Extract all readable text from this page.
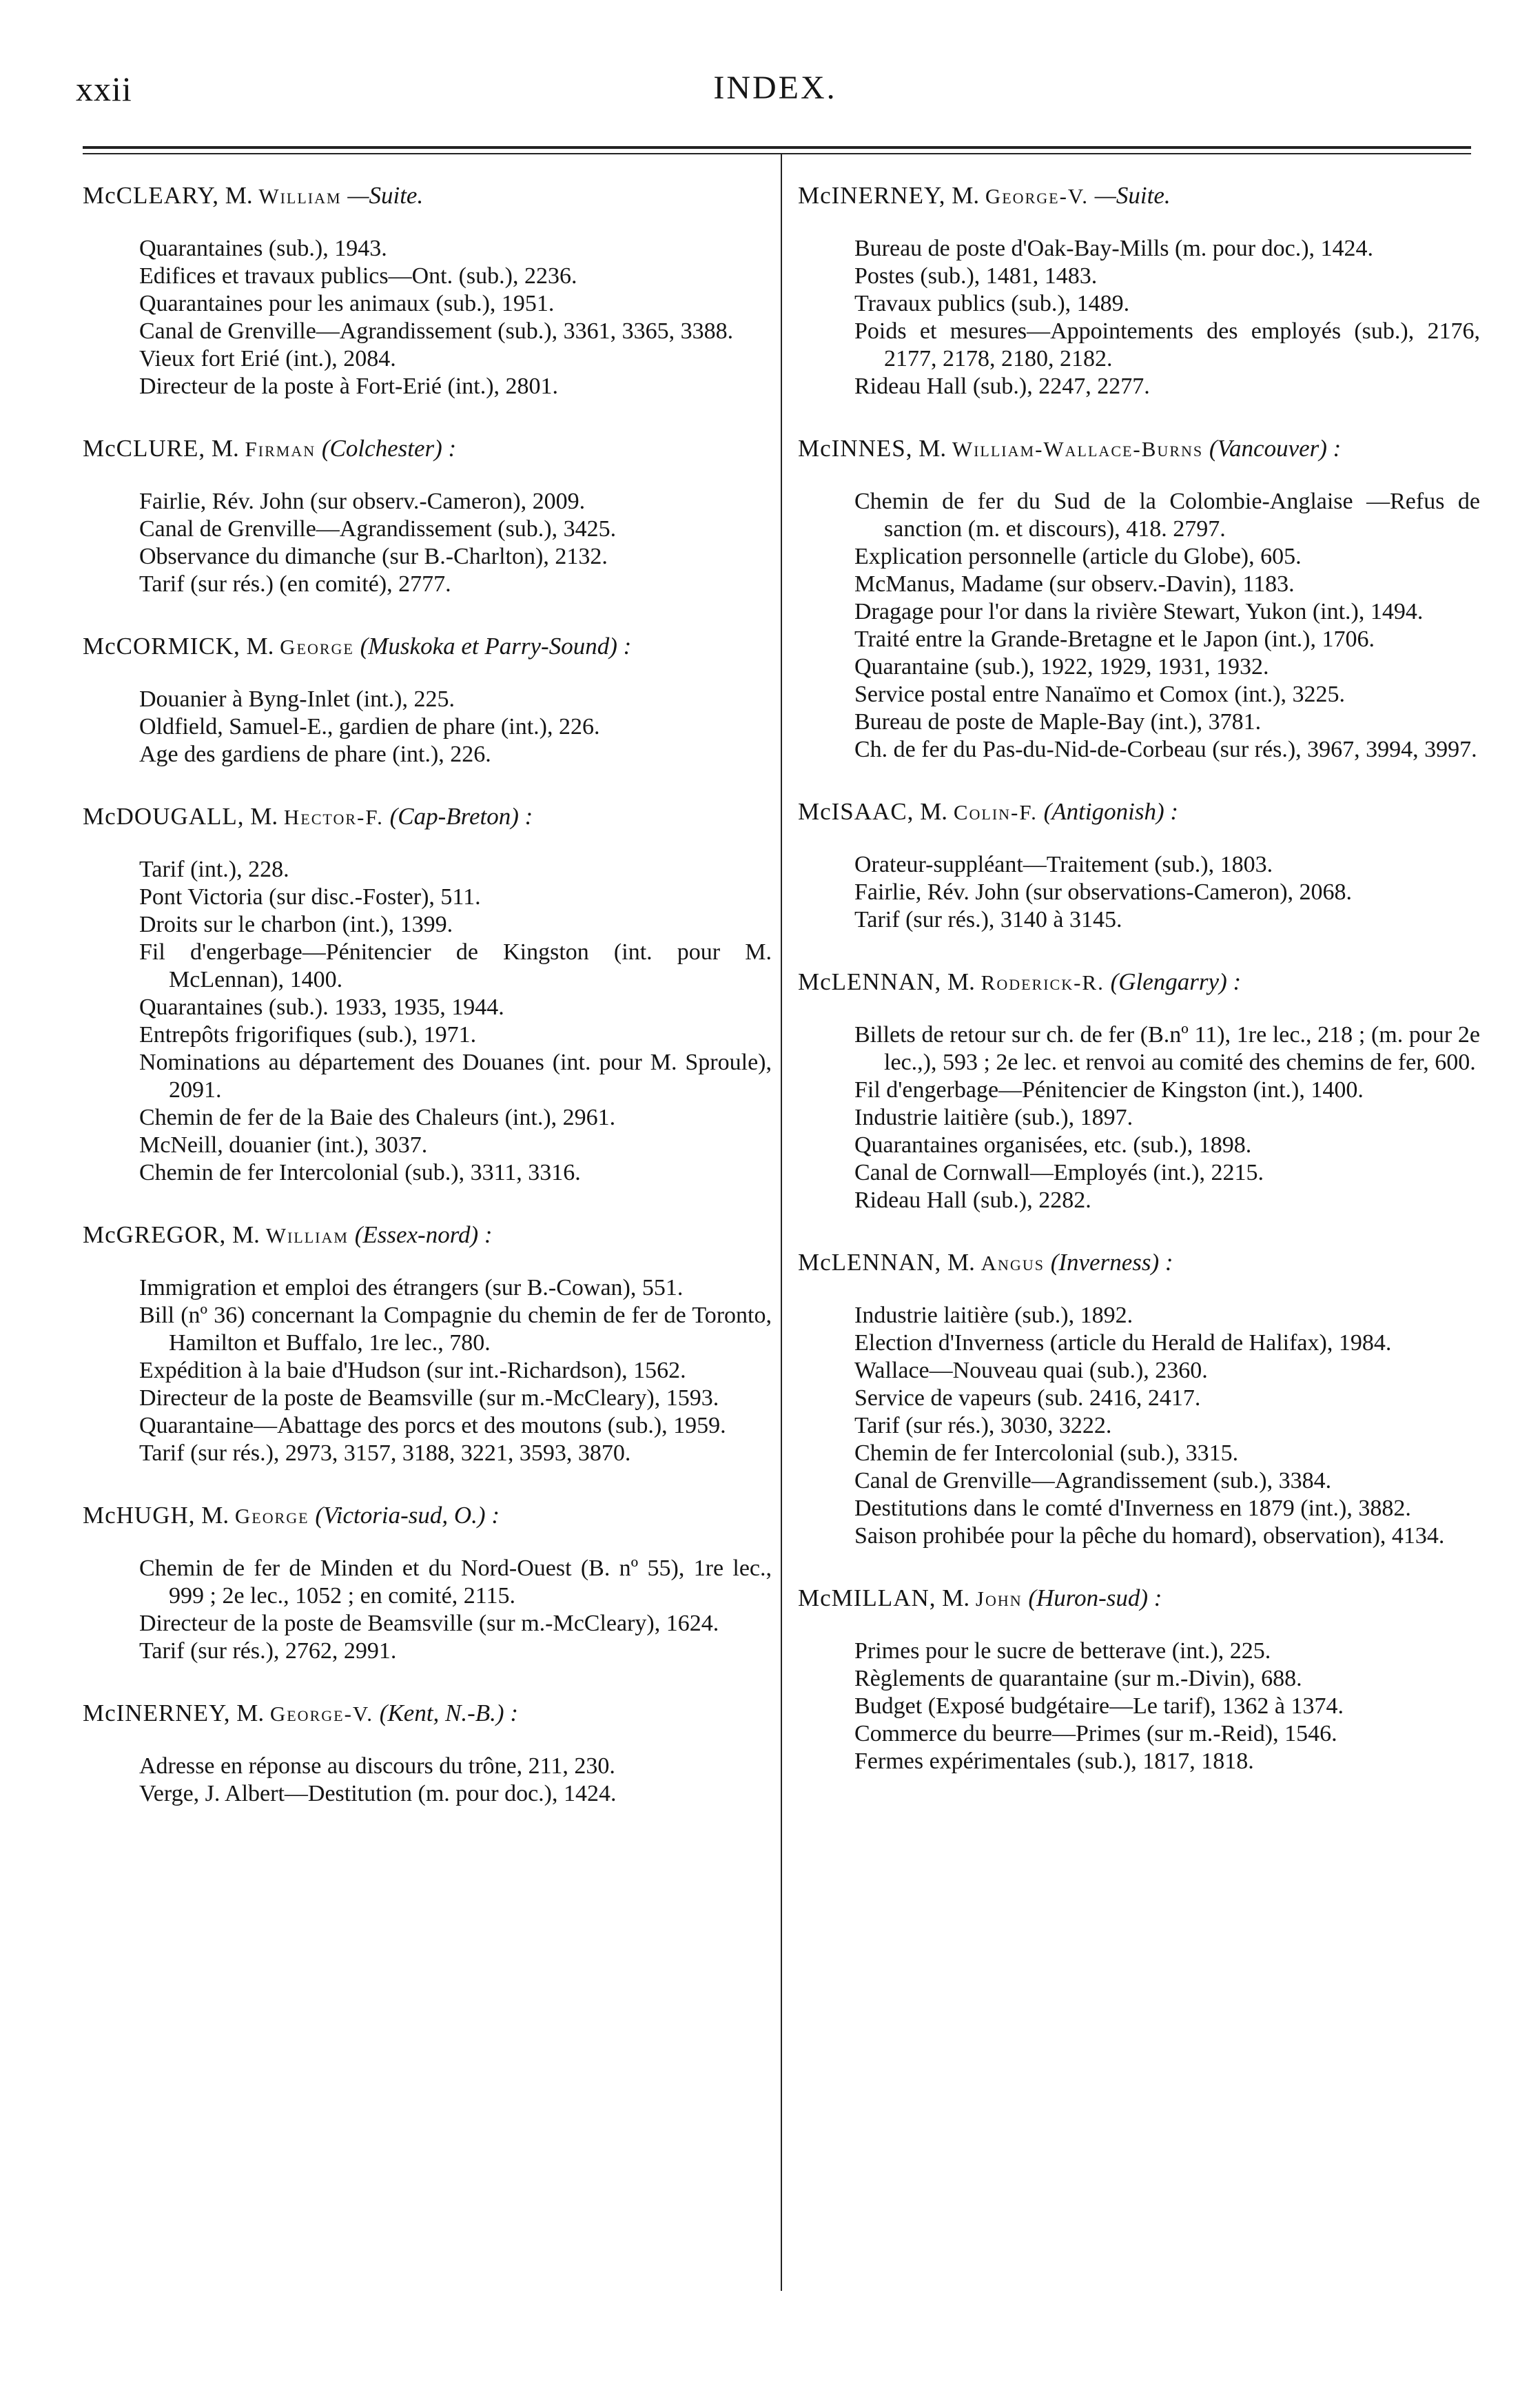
xxii	INDEX.
McCLEARY, M. William —Suite.
Quarantaines (sub.), 1943.
Edifices et travaux publics—Ont. (sub.), 2236.
Quarantaines pour les animaux (sub.), 1951.
Canal de Grenville—Agrandissement (sub.), 3361, 3365, 3388.
Vieux fort Erié (int.), 2084.
Directeur de la poste à Fort-Erié (int.), 2801.
McCLURE, M. Firman (Colchester) :
Fairlie, Rév. John (sur observ.-Cameron), 2009.
Canal de Grenville—Agrandissement (sub.), 3425.
Observance du dimanche (sur B.-Charlton), 2132.
Tarif (sur rés.) (en comité), 2777.
McCORMICK, M. George (Muskoka et Parry-Sound) :
Douanier à Byng-Inlet (int.), 225.
Oldfield, Samuel-E., gardien de phare (int.), 226.
Age des gardiens de phare (int.), 226.
McDOUGALL, M. Hector-F. (Cap-Breton) :
Tarif (int.), 228.
Pont Victoria (sur disc.-Foster), 511.
Droits sur le charbon (int.), 1399.
Fil d'engerbage—Pénitencier de Kingston (int. pour M. McLennan), 1400.
Quarantaines (sub.). 1933, 1935, 1944.
Entrepôts frigorifiques (sub.), 1971.
Nominations au département des Douanes (int. pour M. Sproule), 2091.
Chemin de fer de la Baie des Chaleurs (int.), 2961.
McNeill, douanier (int.), 3037.
Chemin de fer Intercolonial (sub.), 3311, 3316.
McGREGOR, M. William (Essex-nord) :
Immigration et emploi des étrangers (sur B.-Cowan), 551.
Bill (nº 36) concernant la Compagnie du chemin de fer de Toronto, Hamilton et Buffalo, 1re lec., 780.
Expédition à la baie d'Hudson (sur int.-Richardson), 1562.
Directeur de la poste de Beamsville (sur m.-McCleary), 1593.
Quarantaine—Abattage des porcs et des moutons (sub.), 1959.
Tarif (sur rés.), 2973, 3157, 3188, 3221, 3593, 3870.
McHUGH, M. George (Victoria-sud, O.) :
Chemin de fer de Minden et du Nord-Ouest (B. nº 55), 1re lec., 999 ; 2e lec., 1052 ; en comité, 2115.
Directeur de la poste de Beamsville (sur m.-McCleary), 1624.
Tarif (sur rés.), 2762, 2991.
McINERNEY, M. George-V. (Kent, N.-B.) :
Adresse en réponse au discours du trône, 211, 230.
Verge, J. Albert—Destitution (m. pour doc.), 1424.
McINERNEY, M. George-V. —Suite.
Bureau de poste d'Oak-Bay-Mills (m. pour doc.), 1424.
Postes (sub.), 1481, 1483.
Travaux publics (sub.), 1489.
Poids et mesures—Appointements des employés (sub.), 2176, 2177, 2178, 2180, 2182.
Rideau Hall (sub.), 2247, 2277.
McINNES, M. William-Wallace-Burns (Vancouver) :
Chemin de fer du Sud de la Colombie-Anglaise —Refus de sanction (m. et discours), 418. 2797.
Explication personnelle (article du Globe), 605.
McManus, Madame (sur observ.-Davin), 1183.
Dragage pour l'or dans la rivière Stewart, Yukon (int.), 1494.
Traité entre la Grande-Bretagne et le Japon (int.), 1706.
Quarantaine (sub.), 1922, 1929, 1931, 1932.
Service postal entre Nanaïmo et Comox (int.), 3225.
Bureau de poste de Maple-Bay (int.), 3781.
Ch. de fer du Pas-du-Nid-de-Corbeau (sur rés.), 3967, 3994, 3997.
McISAAC, M. Colin-F. (Antigonish) :
Orateur-suppléant—Traitement (sub.), 1803.
Fairlie, Rév. John (sur observations-Cameron), 2068.
Tarif (sur rés.), 3140 à 3145.
McLENNAN, M. Roderick-R. (Glengarry) :
Billets de retour sur ch. de fer (B.nº 11), 1re lec., 218 ; (m. pour 2e lec.,), 593 ; 2e lec. et renvoi au comité des chemins de fer, 600.
Fil d'engerbage—Pénitencier de Kingston (int.), 1400.
Industrie laitière (sub.), 1897.
Quarantaines organisées, etc. (sub.), 1898.
Canal de Cornwall—Employés (int.), 2215.
Rideau Hall (sub.), 2282.
McLENNAN, M. Angus (Inverness) :
Industrie laitière (sub.), 1892.
Election d'Inverness (article du Herald de Halifax), 1984.
Wallace—Nouveau quai (sub.), 2360.
Service de vapeurs (sub. 2416, 2417.
Tarif (sur rés.), 3030, 3222.
Chemin de fer Intercolonial (sub.), 3315.
Canal de Grenville—Agrandissement (sub.), 3384.
Destitutions dans le comté d'Inverness en 1879 (int.), 3882.
Saison prohibée pour la pêche du homard), observation), 4134.
McMILLAN, M. John (Huron-sud) :
Primes pour le sucre de betterave (int.), 225.
Règlements de quarantaine (sur m.-Divin), 688.
Budget (Exposé budgétaire—Le tarif), 1362 à 1374.
Commerce du beurre—Primes (sur m.-Reid), 1546.
Fermes expérimentales (sub.), 1817, 1818.
